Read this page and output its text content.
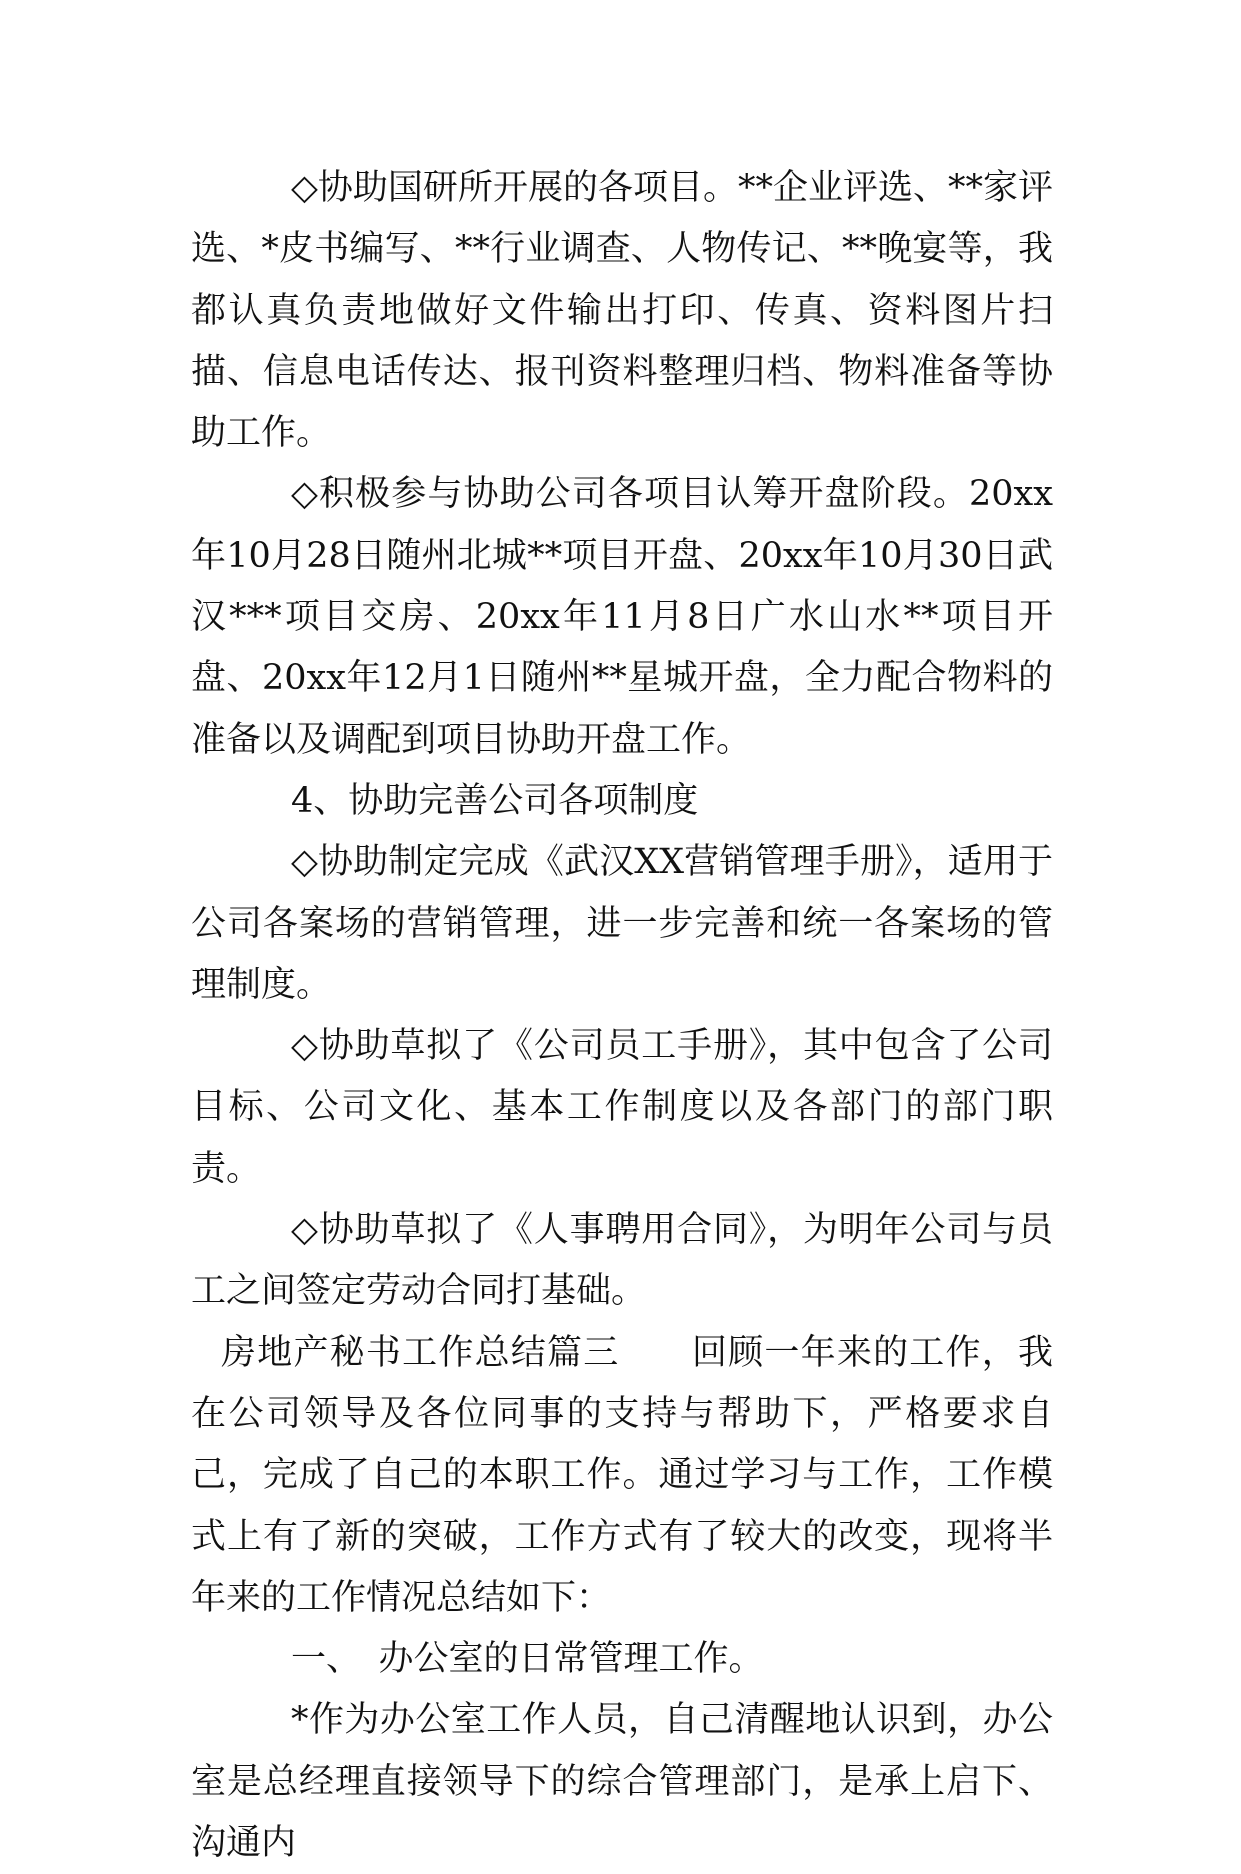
◇协助国研所开展的各项目。**企业评选、**家评选、*皮书编写、**行业调查、人物传记、**晚宴等，我都认真负责地做好文件输出打印、传真、资料图片扫描、信息电话传达、报刊资料整理归档、物料准备等协助工作。

◇积极参与协助公司各项目认筹开盘阶段。20xx年10月28日随州北城**项目开盘、20xx年10月30日武汉***项目交房、20xx年11月8日广水山水**项目开盘、20xx年12月1日随州**星城开盘，全力配合物料的准备以及调配到项目协助开盘工作。

4、协助完善公司各项制度

◇协助制定完成《武汉XX营销管理手册》，适用于公司各案场的营销管理，进一步完善和统一各案场的管理制度。

◇协助草拟了《公司员工手册》，其中包含了公司目标、公司文化、基本工作制度以及各部门的部门职责。

◇协助草拟了《人事聘用合同》，为明年公司与员工之间签定劳动合同打基础。

房地产秘书工作总结篇三　　回顾一年来的工作，我在公司领导及各位同事的支持与帮助下，严格要求自己，完成了自己的本职工作。通过学习与工作，工作模式上有了新的突破，工作方式有了较大的改变，现将半年来的工作情况总结如下：

一、　办公室的日常管理工作。

*作为办公室工作人员，自己清醒地认识到，办公室是总经理直接领导下的综合管理部门，是承上启下、沟通内
